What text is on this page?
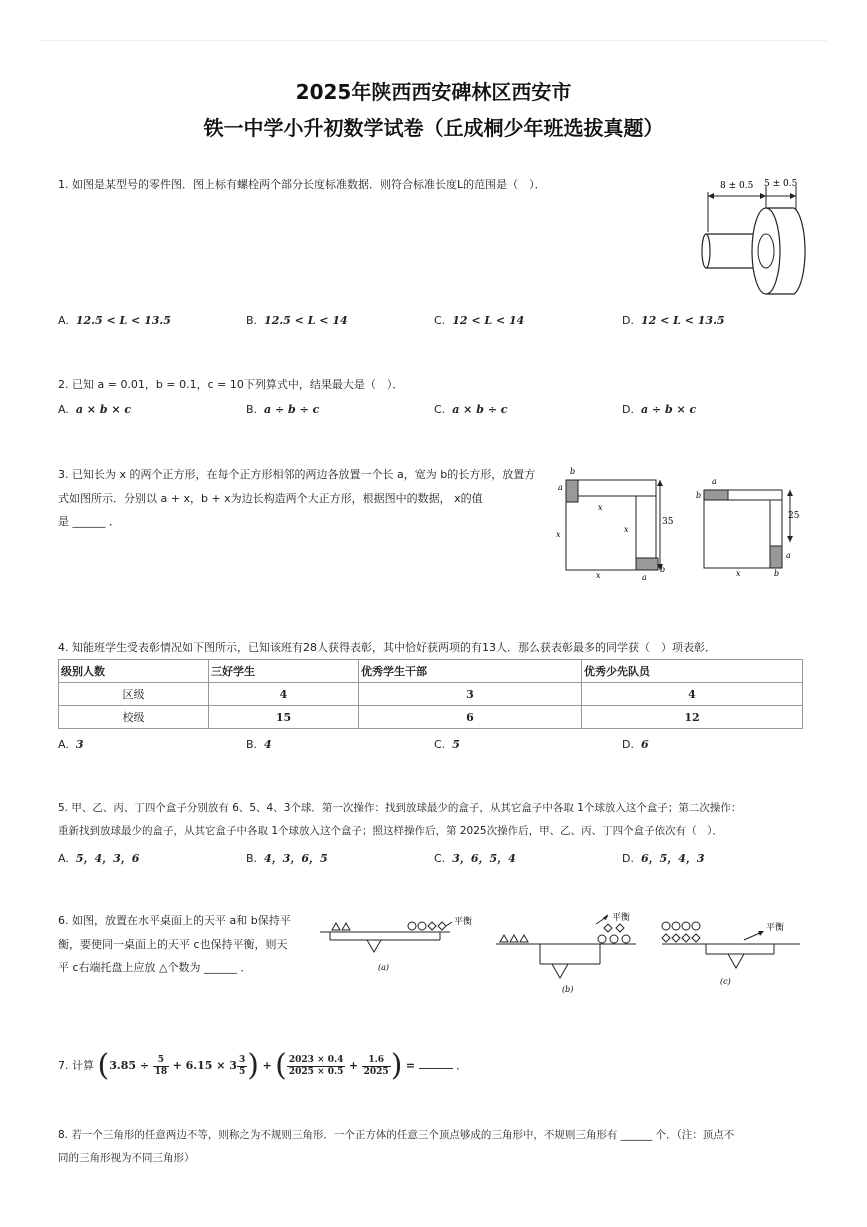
2025年陕西西安碑林区西安市
铁一中学小升初数学试卷（丘成桐少年班选拔真题）
1. 如图是某型号的零件图．图上标有螺栓两个部分长度标准数据．则符合标准长度L的范围是（　）．	8 ± 0.5 5 ± 0.5
A. 12.5 < L < 13.5	B. 12.5 < L < 14	C. 12 < L < 14	D. 12 < L < 13.5
2. 已知 a = 0.01，b = 0.1，c = 10下列算式中，结果最大是（　）．
A. a × b × c	B. a ÷ b ÷ c	C. a × b ÷ c	D. a ÷ b × c
3. 已知长为 x 的两个正方形，在每个正方形相邻的两边各放置一个长 a，宽为 b的长方形，放置方
式如图所示．分别以 a + x，b + x为边长构造两个大正方形，根据图中的数据， x的值
是 ______ ．
b
a
x
x
x
x	a
b
35
a
b
x	b
a
25
4. 知能班学生受表彰情况如下图所示，已知该班有28人获得表彰，其中恰好获两项的有13人．那么获表彰最多的同学获（　）项表彰．
级别人数	三好学生	优秀学生干部	优秀少先队员
区级	4	3	4
校级	15	6	12
A. 3	B. 4	C. 5	D. 6
5. 甲、乙、丙、丁四个盒子分别放有 6、5、4、3个球．第一次操作：找到放球最少的盒子，从其它盒子中各取 1个球放入这个盒子；第二次操作：
重新找到放球最少的盒子，从其它盒子中各取 1个球放入这个盒子；照这样操作后，第 2025次操作后，甲、乙、丙、丁四个盒子依次有（　）．
A. 5，4，3，6	B. 4，3，6，5	C. 3，6，5，4	D. 6，5，4，3
6. 如图，放置在水平桌面上的天平 a和 b保持平
衡，要使同一桌面上的天平 c也保持平衡，则天
平 c右端托盘上应放 △个数为 ______ ．
平衡
(a)
平衡
(b)
平衡
(c)
7. 计算 ($3.85 \div \frac{5}{18} + 6.15 \times 3 \frac{3}{5}$ ) + ( $\frac{2023 \times 0.4}{2025 \times 0.5} + \frac{1.6}{2025}$ ) =	．
8. 若一个三角形的任意两边不等，则称之为不规则三角形．一个正方体的任意三个顶点够成的三角形中，不规则三角形有 ______ 个．（注：顶点不
同的三角形视为不同三角形）
